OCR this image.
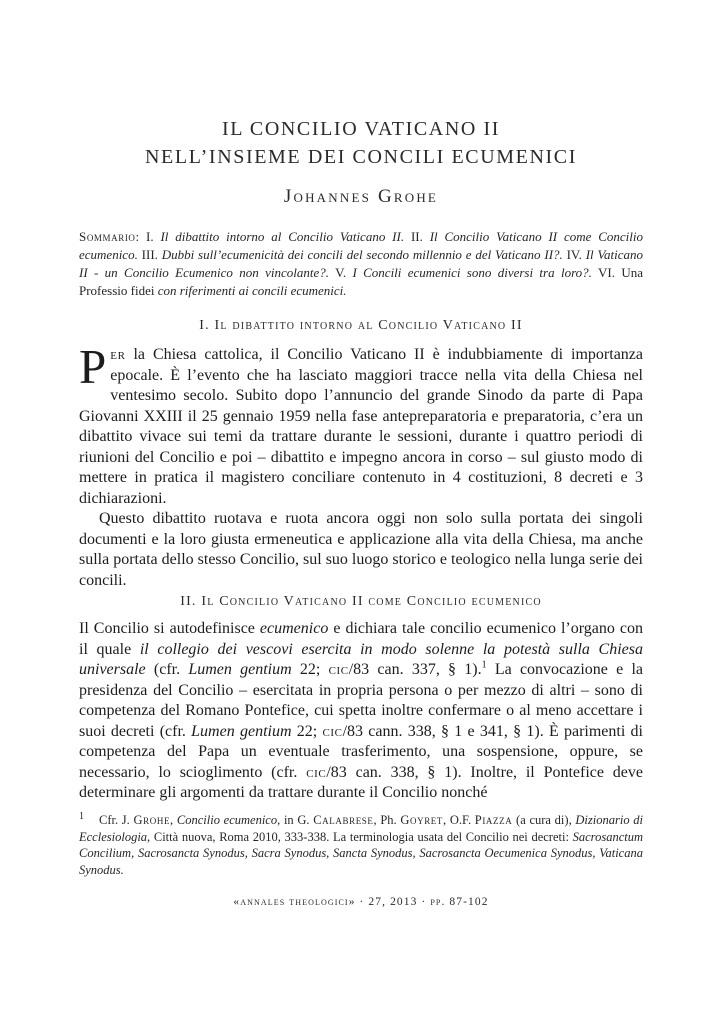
IL CONCILIO VATICANO II
NELL’INSIEME DEI CONCILI ECUMENICI
Johannes Grohe
Sommario: I. Il dibattito intorno al Concilio Vaticano II. II. Il Concilio Vaticano II come Concilio ecumenico. III. Dubbi sull’ecumenicità dei concili del secondo millennio e del Vaticano II?. IV. Il Vaticano II - un Concilio Ecumenico non vincolante?. V. I Concili ecumenici sono diversi tra loro?. VI. Una Professio fidei con riferimenti ai concili ecumenici.
I. Il dibattito intorno al Concilio Vaticano II

Per la Chiesa cattolica, il Concilio Vaticano II è indubbiamente di importanza epocale. È l’evento che ha lasciato maggiori tracce nella vita della Chiesa nel ventesimo secolo. Subito dopo l’annuncio del grande Sinodo da parte di Papa Giovanni XXIII il 25 gennaio 1959 nella fase antepreparatoria e preparatoria, c’era un dibattito vivace sui temi da trattare durante le sessioni, durante i quattro periodi di riunioni del Concilio e poi – dibattito e impegno ancora in corso – sul giusto modo di mettere in pratica il magistero conciliare contenuto in 4 costituzioni, 8 decreti e 3 dichiarazioni.

Questo dibattito ruotava e ruota ancora oggi non solo sulla portata dei singoli documenti e la loro giusta ermeneutica e applicazione alla vita della Chiesa, ma anche sulla portata dello stesso Concilio, sul suo luogo storico e teologico nella lunga serie dei concili.

II. Il Concilio Vaticano II come Concilio ecumenico

Il Concilio si autodefinisce ecumenico e dichiara tale concilio ecumenico l’organo con il quale il collegio dei vescovi esercita in modo solenne la potestà sulla Chiesa universale (cfr. Lumen gentium 22; cic/83 can. 337, § 1).$^1$ La convocazione e la presidenza del Concilio – esercitata in propria persona o per mezzo di altri – sono di competenza del Romano Pontefice, cui spetta inoltre confermare o al meno accettare i suoi decreti (cfr. Lumen gentium 22; cic/83 cann. 338, § 1 e 341, § 1). È parimenti di competenza del Papa un eventuale trasferimento, una sospensione, oppure, se necessario, lo scioglimento (cfr. cic/83 can. 338, § 1). Inoltre, il Pontefice deve determinare gli argomenti da trattare durante il Concilio nonché

1 Cfr. J. Grohe, Concilio ecumenico, in G. Calabrese, Ph. Goyret, O.F. Piazza (a cura di), Dizionario di Ecclesiologia, Città nuova, Roma 2010, 333-338. La terminologia usata del Concilio nei decreti: Sacrosanctum Concilium, Sacrosancta Synodus, Sacra Synodus, Sancta Synodus, Sacrosancta Oecumenica Synodus, Vaticana Synodus.
«annales theologici» · 27, 2013 · pp. 87-102
